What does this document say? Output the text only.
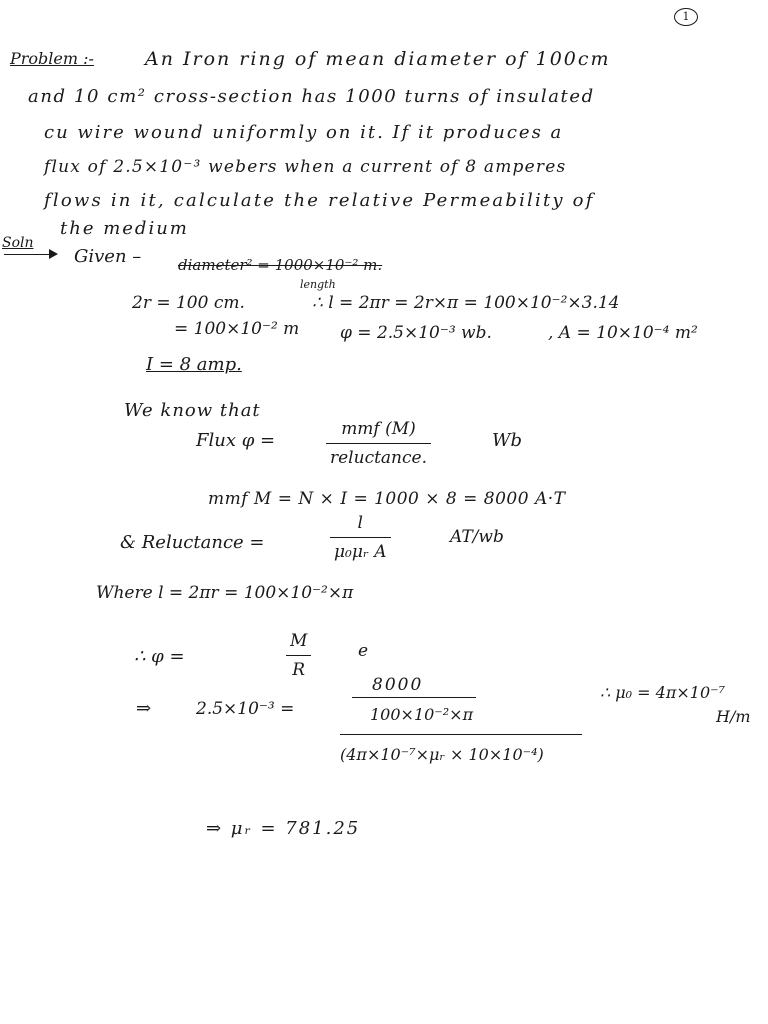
1
Problem :-	An Iron ring of mean diameter of 100cm
and 10 cm² cross-section has 1000 turns of insulated
cu wire wound uniformly on it. If it produces a
flux of 2.5×10⁻³ webers when a current of 8 amperes
flows in it, calculate the relative Permeability of
the medium
Soln
Given – diameter² = 1000×10⁻² m.
length
2r = 100 cm.
= 100×10⁻² m
∴ l = 2πr = 2r×π = 100×10⁻²×3.14
φ = 2.5×10⁻³ wb.	, A = 10×10⁻⁴ m²
I = 8 amp.
We know that
Flux φ =
mmf (M)
reluctance.
Wb
mmf M = N × I = 1000 × 8 = 8000 A·T
& Reluctance =
l
μ₀μᵣ A
AT/wb
Where l = 2πr = 100×10⁻²×π
∴ φ =
M
R
e
⇒	2.5×10⁻³ =
8000
100×10⁻²×π
(4π×10⁻⁷×μᵣ × 10×10⁻⁴)
∴ μ₀ = 4π×10⁻⁷
H/m
⇒ μᵣ = 781.25
